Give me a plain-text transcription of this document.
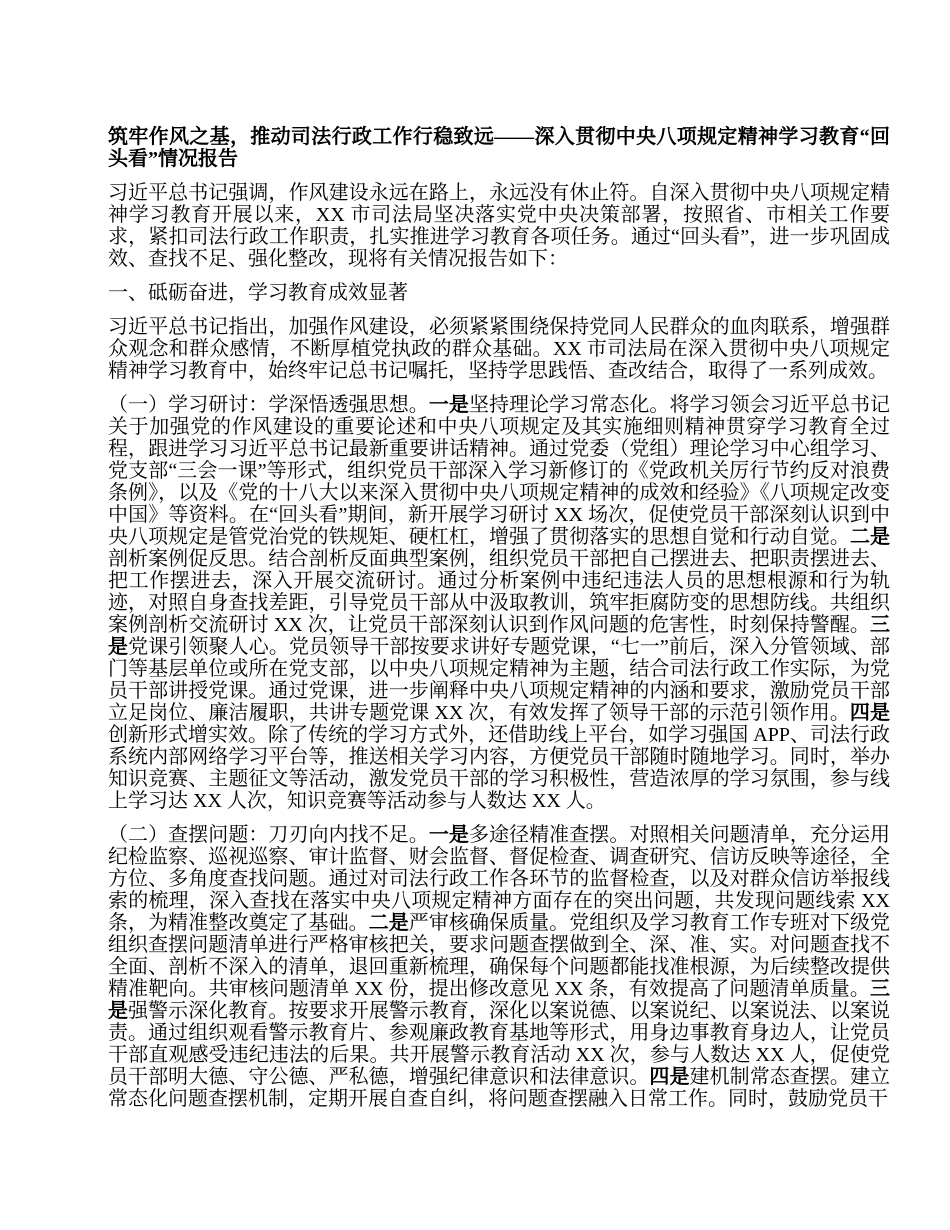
筑牢作风之基，推动司法行政工作行稳致远——深入贯彻中央八项规定精神学习教育“回头看”情况报告

习近平总书记强调，作风建设永远在路上，永远没有休止符。自深入贯彻中央八项规定精神学习教育开展以来，XX 市司法局坚决落实党中央决策部署，按照省、市相关工作要求，紧扣司法行政工作职责，扎实推进学习教育各项任务。通过“回头看”，进一步巩固成效、查找不足、强化整改，现将有关情况报告如下：

一、砥砺奋进，学习教育成效显著

习近平总书记指出，加强作风建设，必须紧紧围绕保持党同人民群众的血肉联系，增强群众观念和群众感情，不断厚植党执政的群众基础。XX 市司法局在深入贯彻中央八项规定精神学习教育中，始终牢记总书记嘱托，坚持学思践悟、查改结合，取得了一系列成效。

（一）学习研讨：学深悟透强思想。一是坚持理论学习常态化。将学习领会习近平总书记关于加强党的作风建设的重要论述和中央八项规定及其实施细则精神贯穿学习教育全过程，跟进学习习近平总书记最新重要讲话精神。通过党委（党组）理论学习中心组学习、党支部“三会一课”等形式，组织党员干部深入学习新修订的《党政机关厉行节约反对浪费条例》，以及《党的十八大以来深入贯彻中央八项规定精神的成效和经验》《八项规定改变中国》等资料。在“回头看”期间，新开展学习研讨 XX 场次，促使党员干部深刻认识到中央八项规定是管党治党的铁规矩、硬杠杠，增强了贯彻落实的思想自觉和行动自觉。二是剖析案例促反思。结合剖析反面典型案例，组织党员干部把自己摆进去、把职责摆进去、把工作摆进去，深入开展交流研讨。通过分析案例中违纪违法人员的思想根源和行为轨迹，对照自身查找差距，引导党员干部从中汲取教训，筑牢拒腐防变的思想防线。共组织案例剖析交流研讨 XX 次，让党员干部深刻认识到作风问题的危害性，时刻保持警醒。三是党课引领聚人心。党员领导干部按要求讲好专题党课，“七一”前后，深入分管领域、部门等基层单位或所在党支部，以中央八项规定精神为主题，结合司法行政工作实际，为党员干部讲授党课。通过党课，进一步阐释中央八项规定精神的内涵和要求，激励党员干部立足岗位、廉洁履职，共讲专题党课 XX 次，有效发挥了领导干部的示范引领作用。四是创新形式增实效。除了传统的学习方式外，还借助线上平台，如学习强国 APP、司法行政系统内部网络学习平台等，推送相关学习内容，方便党员干部随时随地学习。同时，举办知识竞赛、主题征文等活动，激发党员干部的学习积极性，营造浓厚的学习氛围，参与线上学习达 XX 人次，知识竞赛等活动参与人数达 XX 人。

（二）查摆问题：刀刃向内找不足。一是多途径精准查摆。对照相关问题清单，充分运用纪检监察、巡视巡察、审计监督、财会监督、督促检查、调查研究、信访反映等途径，全方位、多角度查找问题。通过对司法行政工作各环节的监督检查，以及对群众信访举报线索的梳理，深入查找在落实中央八项规定精神方面存在的突出问题，共发现问题线索 XX 条，为精准整改奠定了基础。二是严审核确保质量。党组织及学习教育工作专班对下级党组织查摆问题清单进行严格审核把关，要求问题查摆做到全、深、准、实。对问题查找不全面、剖析不深入的清单，退回重新梳理，确保每个问题都能找准根源，为后续整改提供精准靶向。共审核问题清单 XX 份，提出修改意见 XX 条，有效提高了问题清单质量。三是强警示深化教育。按要求开展警示教育，深化以案说德、以案说纪、以案说法、以案说责。通过组织观看警示教育片、参观廉政教育基地等形式，用身边事教育身边人，让党员干部直观感受违纪违法的后果。共开展警示教育活动 XX 次，参与人数达 XX 人，促使党员干部明大德、守公德、严私德，增强纪律意识和法律意识。四是建机制常态查摆。建立常态化问题查摆机制，定期开展自查自纠，将问题查摆融入日常工作。同时，鼓励党员干
